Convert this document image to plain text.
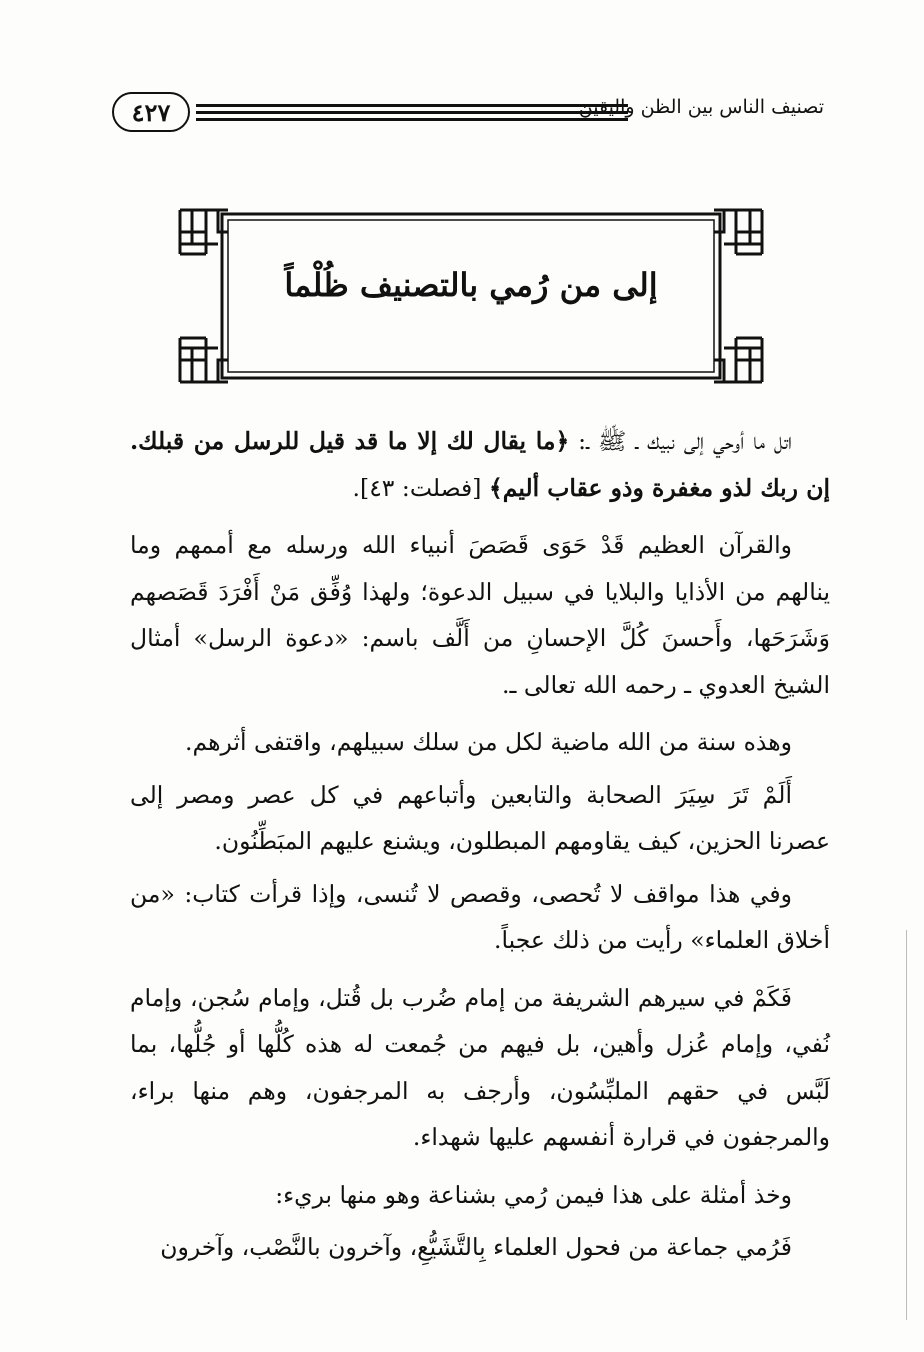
٤٢٧	تصنيف الناس بين الظن واليقين
إلى من رُمي بالتصنيف ظُلْماً

اتل ما أوحي إلى نبيك ـ ﷺ ـ: ﴿ما يقال لك إلا ما قد قيل للرسل من قبلك. إن ربك لذو مغفرة وذو عقاب أليم﴾ [فصلت: ٤٣].

والقرآن العظيم قَدْ حَوَى قَصَصَ أنبياء الله ورسله مع أممهم وما ينالهم من الأذايا والبلايا في سبيل الدعوة؛ ولهذا وُفِّق مَنْ أَفْرَدَ قَصَصهم وَشَرَحَها، وأَحسنَ كُلَّ الإحسانِ من أَلَّف باسم: «دعوة الرسل» أمثال الشيخ العدوي ـ رحمه الله تعالى ـ.

وهذه سنة من الله ماضية لكل من سلك سبيلهم، واقتفى أثرهم.

أَلَمْ تَرَ سِيَرَ الصحابة والتابعين وأتباعهم في كل عصر ومصر إلى عصرنا الحزين، كيف يقاومهم المبطلون، ويشنع عليهم المبَطِّنُون.

وفي هذا مواقف لا تُحصى، وقصص لا تُنسى، وإذا قرأت كتاب: «من أخلاق العلماء» رأيت من ذلك عجباً.

فَكَمْ في سيرهم الشريفة من إمام ضُرب بل قُتل، وإمام سُجن، وإمام نُفي، وإمام عُزل وأهين، بل فيهم من جُمعت له هذه كُلُّها أو جُلُّها، بما لَبَّس في حقهم الملبِّسُون، وأرجف به المرجفون، وهم منها براء، والمرجفون في قرارة أنفسهم عليها شهداء.

وخذ أمثلة على هذا فيمن رُمي بشناعة وهو منها بريء:

فَرُمي جماعة من فحول العلماء بِالتَّشَيُّعِ، وآخرون بالنَّصْب، وآخرون
